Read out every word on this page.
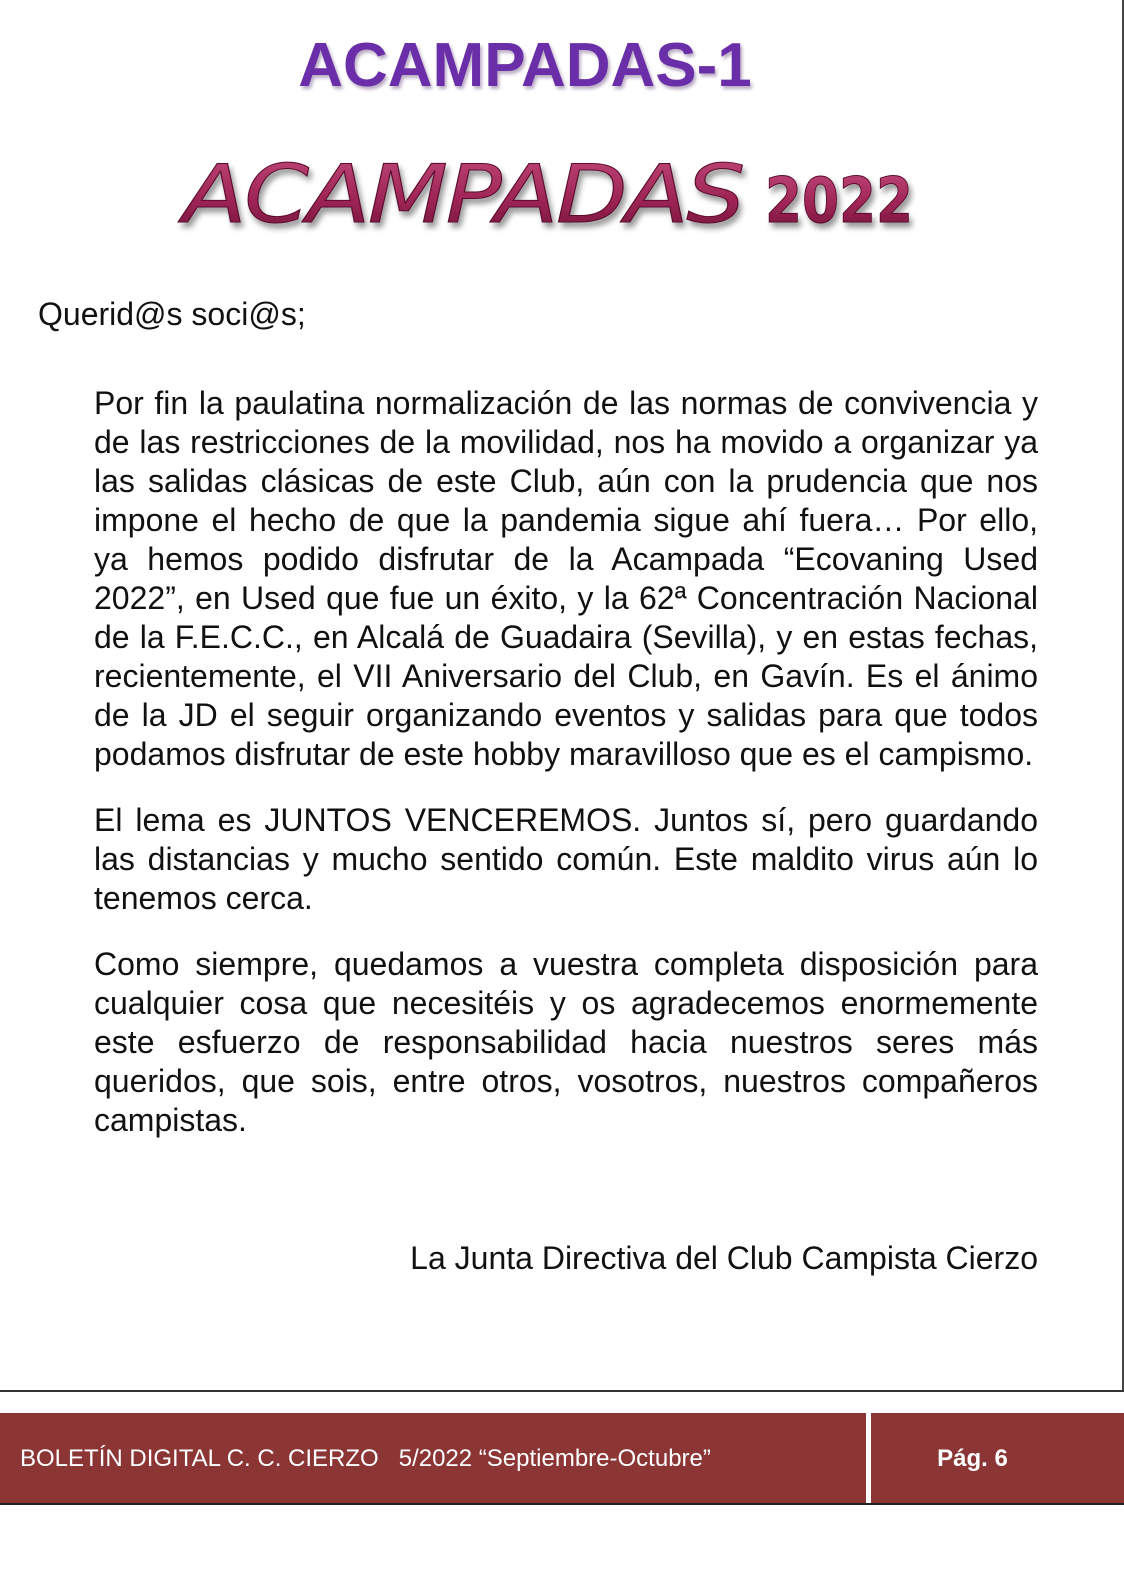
ACAMPADAS-1
ACAMPADAS 2022
Querid@s soci@s;

Por fin la paulatina normalización de las normas de convivencia y de las restricciones de la movilidad, nos ha movido a organizar ya las salidas clásicas de este Club, aún con la prudencia que nos impone el hecho de que la pandemia sigue ahí fuera… Por ello, ya hemos podido disfrutar de la Acampada “Ecovaning Used 2022”, en Used que fue un éxito, y la 62ª Concentración Nacional de la F.E.C.C., en Alcalá de Guadaira (Sevilla), y en estas fechas, recientemente, el VII Aniversario del Club, en Gavín. Es el ánimo de la JD el seguir organizando eventos y salidas para que todos podamos disfrutar de este hobby maravilloso que es el campismo.

El lema es JUNTOS VENCEREMOS. Juntos sí, pero guardando las distancias y mucho sentido común. Este maldito virus aún lo tenemos cerca.

Como siempre, quedamos a vuestra completa disposición para cualquier cosa que necesitéis y os agradecemos enormemente este esfuerzo de responsabilidad hacia nuestros seres más queridos, que sois, entre otros, vosotros, nuestros compañeros campistas.

La Junta Directiva del Club Campista Cierzo
BOLETÍN DIGITAL C. C. CIERZO   5/2022 “Septiembre-Octubre”	Pág. 6
